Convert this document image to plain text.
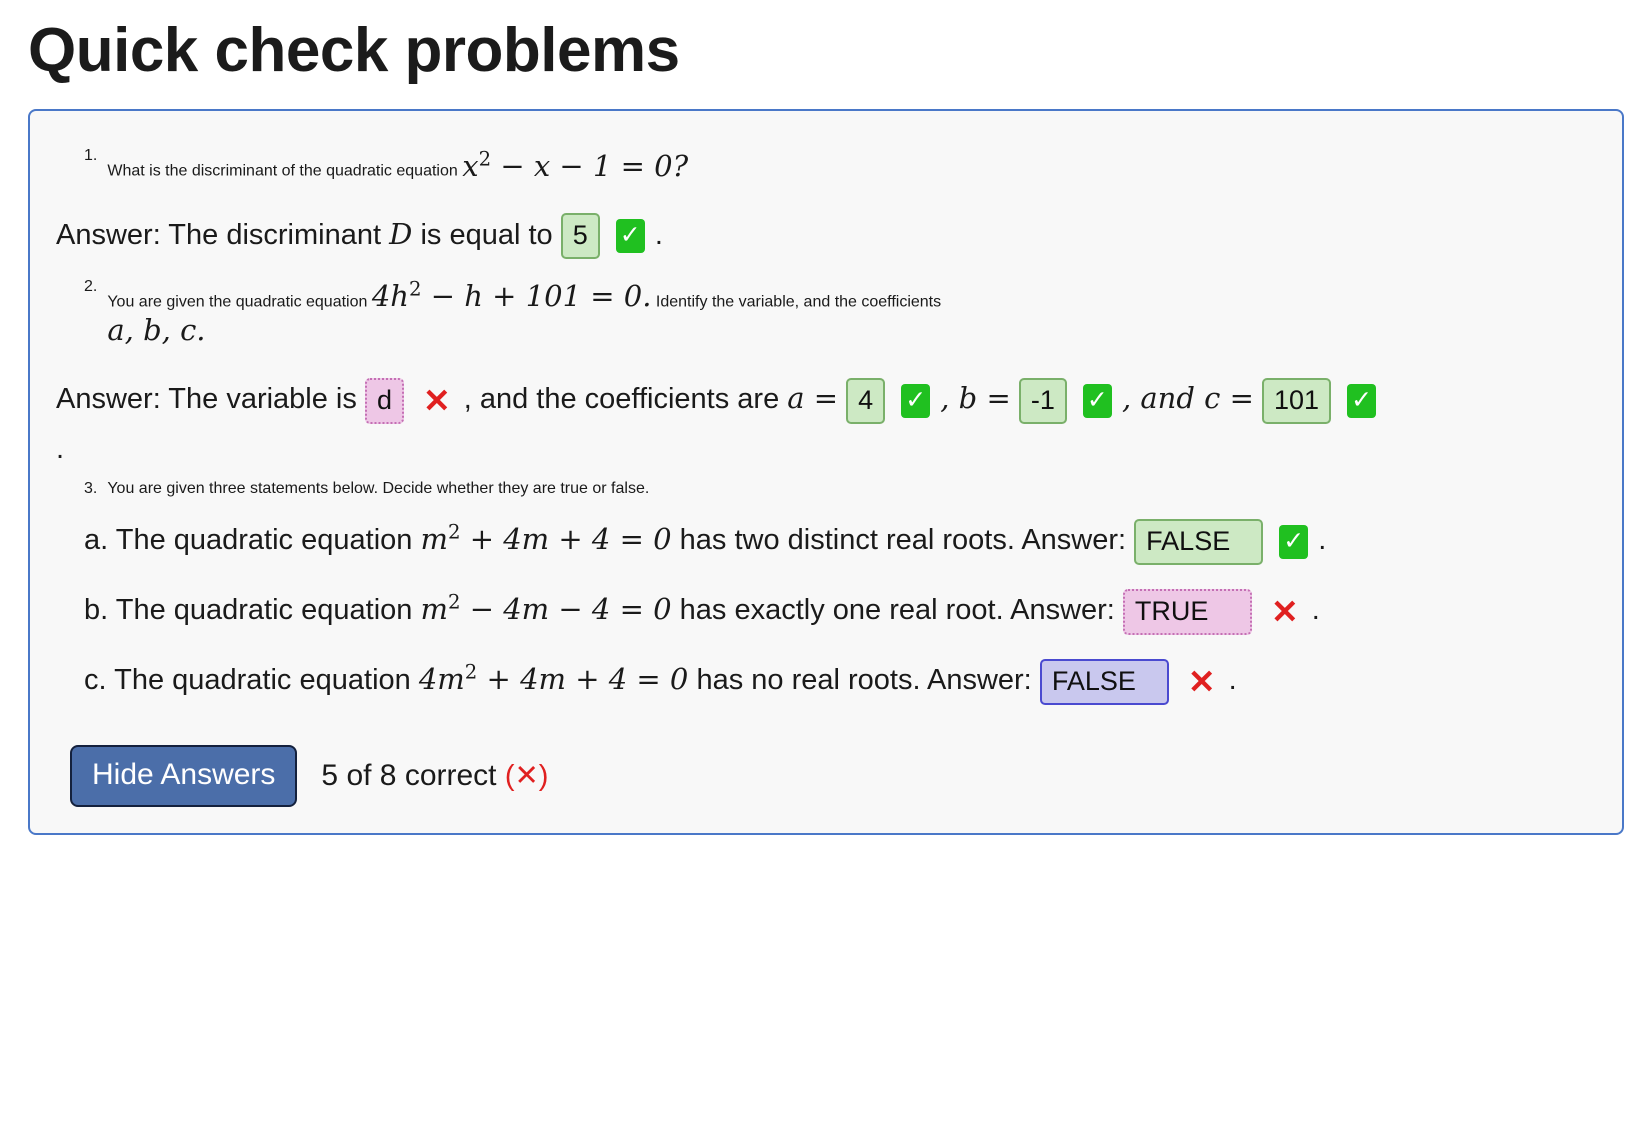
Quick check problems
1.
What is the discriminant of the quadratic equation $x^2 - x - 1 = 0$?
Answer: The discriminant D is equal to 5 ✓ .
2.
You are given the quadratic equation $4h^2 - h + 101 = 0$. Identify the variable, and the coefficients
a, b, c.
Answer: The variable is d ✕ , and the coefficients are a = 4 ✓ , b = -1 ✓ , and c = 101 ✓
.
3. You are given three statements below. Decide whether they are true or false.
a. The quadratic equation $m^2 + 4m + 4 = 0$ has two distinct real roots. Answer:
FALSE	✓ .
b. The quadratic equation $m^2 - 4m - 4 = 0$ has exactly one real root. Answer:
TRUE	✕ .
c. The quadratic equation $4m^2 + 4m + 4 = 0$ has no real roots. Answer:
FALSE	✕ .
Hide Answers	5 of 8 correct (✕)
